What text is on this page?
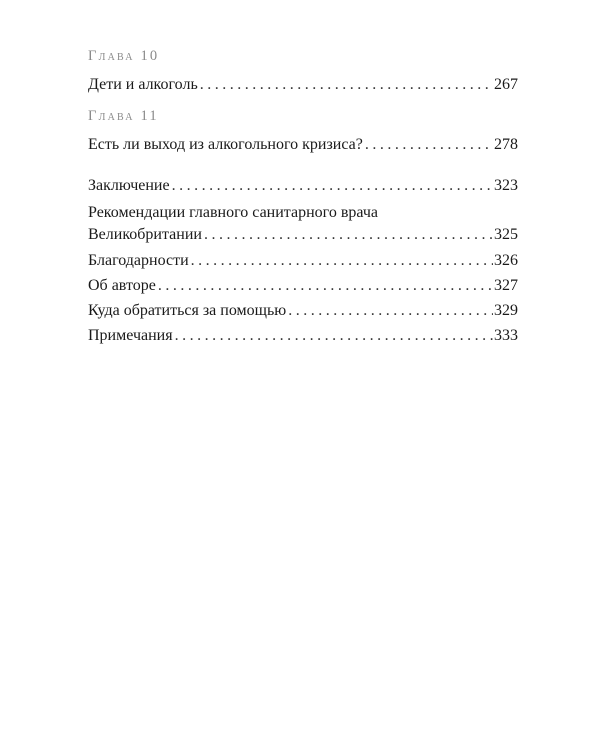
Глава 10
Дети и алкоголь . . .	267
Глава 11
Есть ли выход из алкогольного кризиса? . . .	278
Заключение . . .	323
Рекомендации главного санитарного врача
Великобритании . . .	325
Благодарности . . .	326
Об авторе . . .	327
Куда обратиться за помощью . . .	329
Примечания . . .	333
